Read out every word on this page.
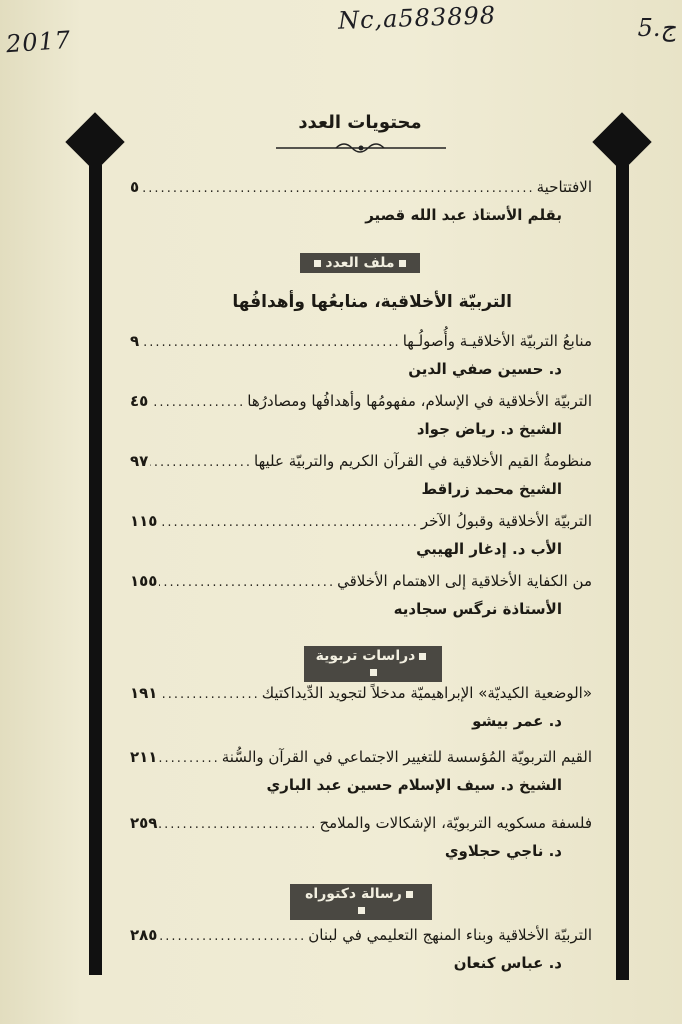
2017
Nc,a583898	5.ج
محتويات العدد
الافتتاحية
.....
٥
بقلم الأستاذ عبد الله قصير
ملف العدد
التربيّة الأخلاقية، منابعُها وأهدافُها
منابعُ التربيّة الأخلاقيـة وأُصولُـها
.....
٩
د. حسين صفي الدين
التربيّة الأخلاقية في الإسلام، مفهومُها وأهدافُها ومصادرُها
.....
٤٥
الشيخ د. رياض جواد
منظومةُ القيم الأخلاقية في القرآن الكريم والتربيّة عليها
.....
٩٧
الشيخ محمد زراقط
التربيّة الأخلاقية وقبولُ الآخر
.....
١١٥
الأب د. إدغار الهيبي
من الكفاية الأخلاقية إلى الاهتمام الأخلاقي
.....
١٥٥
الأستاذة نرگس سجاديه
دراسات تربوية
«الوضعية الكيديّة» الإبراهيميّة مدخلاً لتجويد الدِّيداكتيك
.....
١٩١
د. عمر بيشو
القيم التربويّة المُؤسسة للتغيير الاجتماعي في القرآن والسُّنة
.....
٢١١
الشيخ د. سيف الإسلام حسين عبد الباري
فلسفة مسكويه التربويّة، الإشكالات والملامح
.....
٢٥٩
د. ناجي حجلاوي
رسالة دكتوراه
التربيّة الأخلاقية وبناء المنهج التعليمي في لبنان
.....
٢٨٥
د. عباس كنعان
